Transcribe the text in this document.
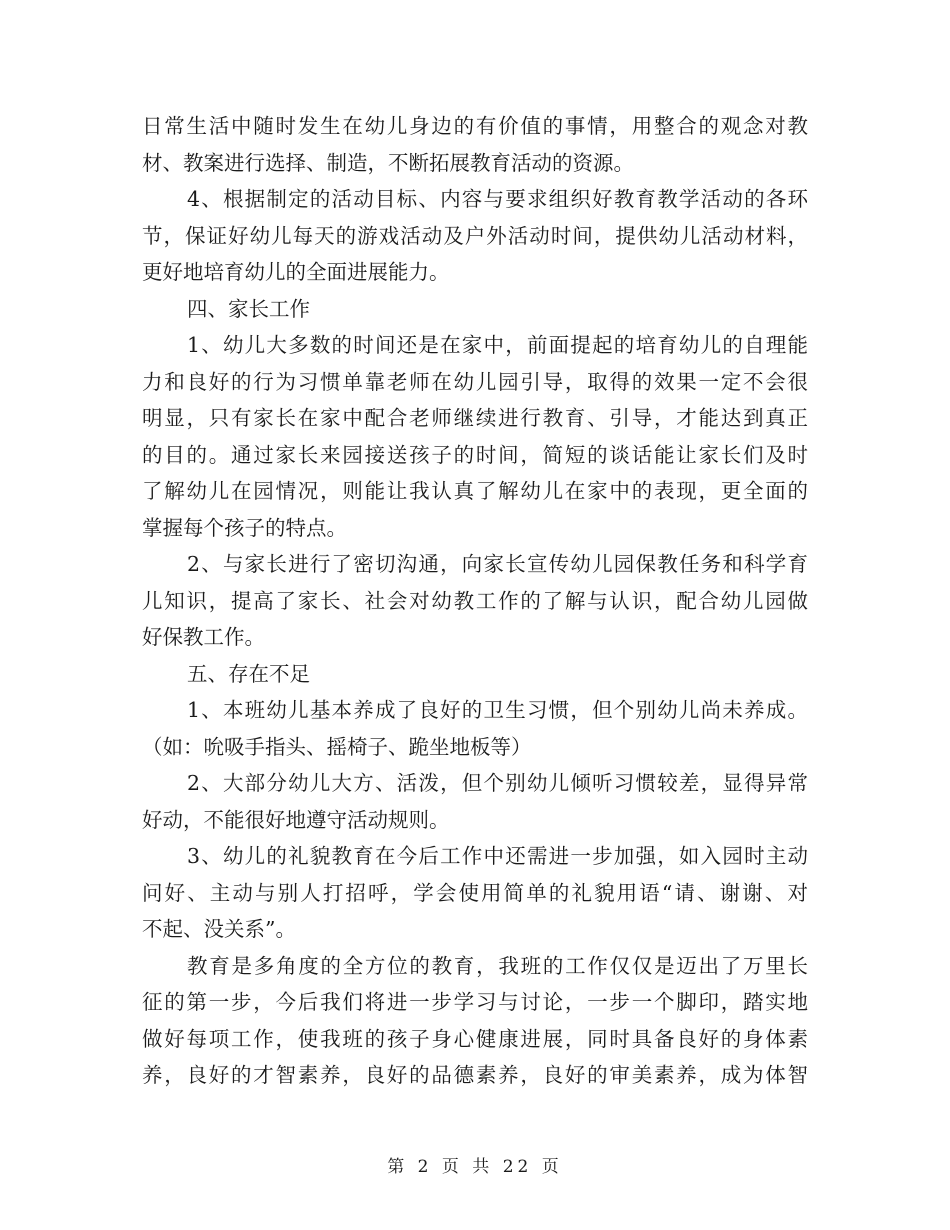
日常生活中随时发生在幼儿身边的有价值的事情，用整合的观念对教
材、教案进行选择、制造，不断拓展教育活动的资源。
4、根据制定的活动目标、内容与要求组织好教育教学活动的各环
节，保证好幼儿每天的游戏活动及户外活动时间，提供幼儿活动材料，
更好地培育幼儿的全面进展能力。
四、家长工作
1、幼儿大多数的时间还是在家中，前面提起的培育幼儿的自理能
力和良好的行为习惯单靠老师在幼儿园引导，取得的效果一定不会很
明显，只有家长在家中配合老师继续进行教育、引导，才能达到真正
的目的。通过家长来园接送孩子的时间，简短的谈话能让家长们及时
了解幼儿在园情况，则能让我认真了解幼儿在家中的表现，更全面的
掌握每个孩子的特点。
2、与家长进行了密切沟通，向家长宣传幼儿园保教任务和科学育
儿知识，提高了家长、社会对幼教工作的了解与认识，配合幼儿园做
好保教工作。
五、存在不足
1、本班幼儿基本养成了良好的卫生习惯，但个别幼儿尚未养成。
（如：吮吸手指头、摇椅子、跪坐地板等）
2、大部分幼儿大方、活泼，但个别幼儿倾听习惯较差，显得异常
好动，不能很好地遵守活动规则。
3、幼儿的礼貌教育在今后工作中还需进一步加强，如入园时主动
问好、主动与别人打招呼，学会使用简单的礼貌用语“请、谢谢、对
不起、没关系”。
教育是多角度的全方位的教育，我班的工作仅仅是迈出了万里长
征的第一步，今后我们将进一步学习与讨论，一步一个脚印，踏实地
做好每项工作，使我班的孩子身心健康进展，同时具备良好的身体素
养，良好的才智素养，良好的品德素养，良好的审美素养，成为体智
第 2 页 共 22 页
